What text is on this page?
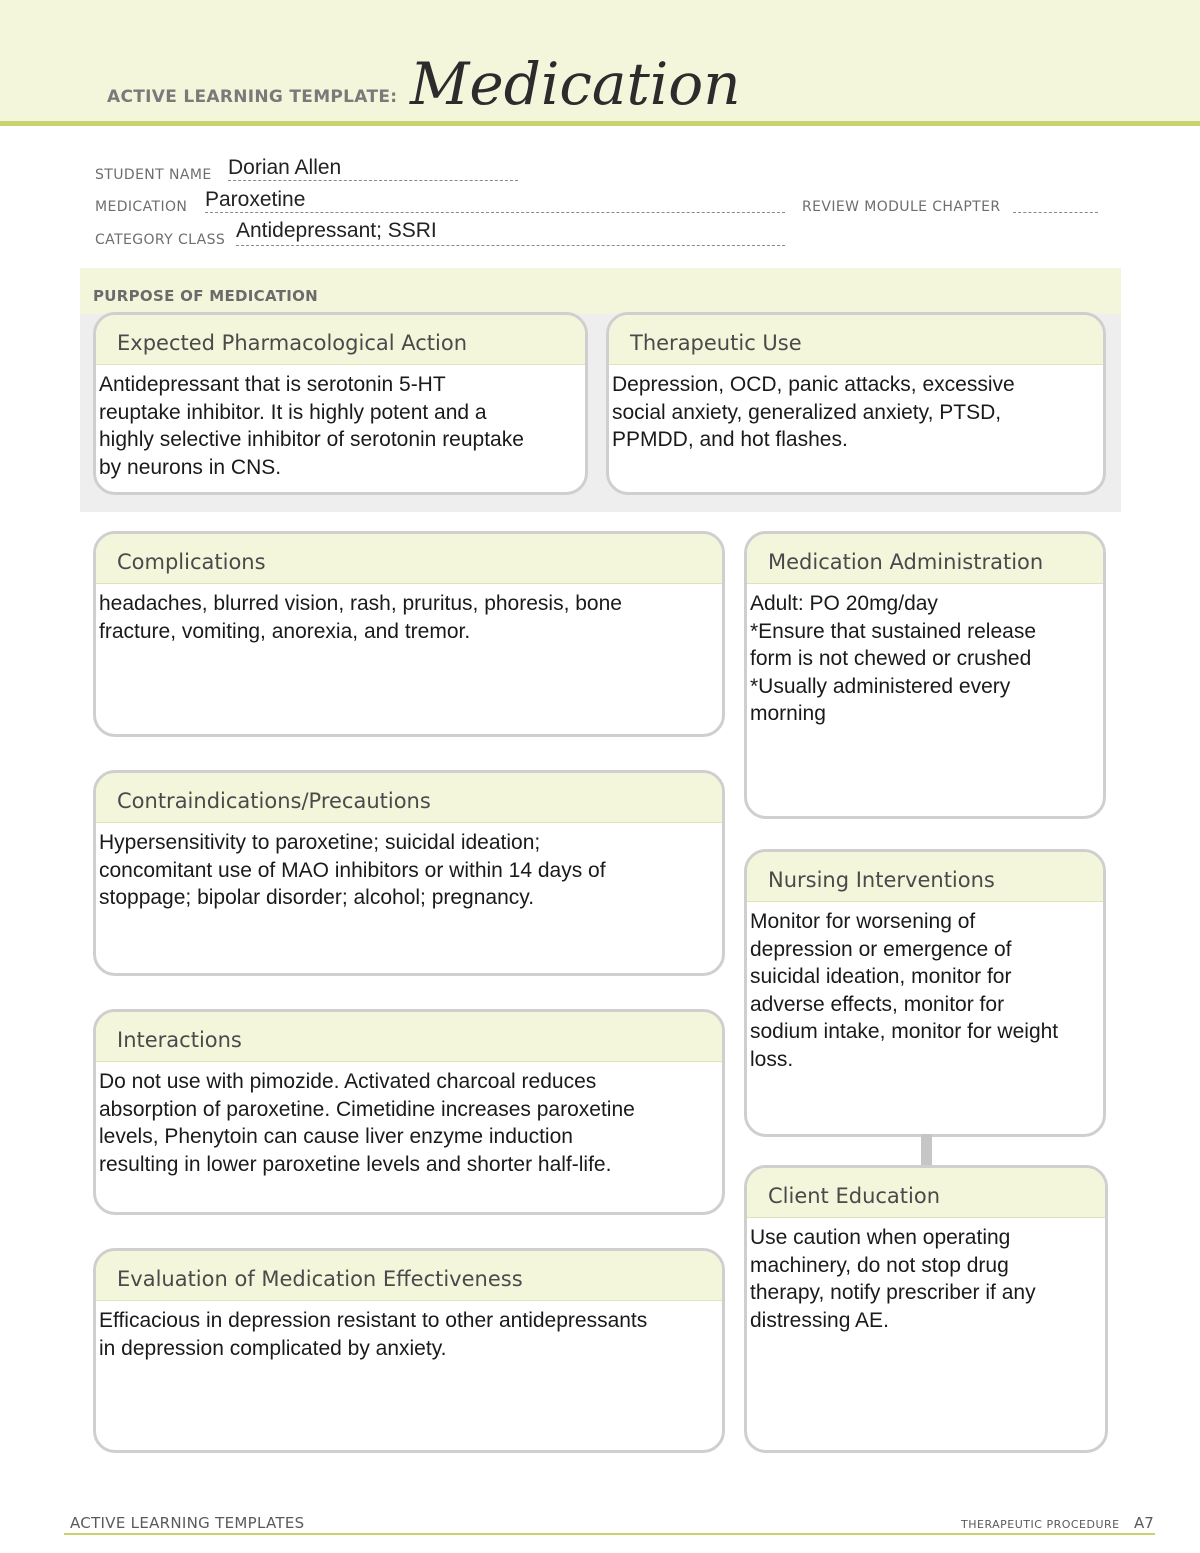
ACTIVE LEARNING TEMPLATE: Medication
STUDENT NAME Dorian Allen
MEDICATION Paroxetine	REVIEW MODULE CHAPTER
CATEGORY CLASS Antidepressant; SSRI
PURPOSE OF MEDICATION
Expected Pharmacological Action
Antidepressant that is serotonin 5-HT
reuptake inhibitor. It is highly potent and a
highly selective inhibitor of serotonin reuptake
by neurons in CNS.
Therapeutic Use
Depression, OCD, panic attacks, excessive
social anxiety, generalized anxiety, PTSD,
PPMDD, and hot flashes.
Complications
headaches, blurred vision, rash, pruritus, phoresis, bone
fracture, vomiting, anorexia, and tremor.
Contraindications/Precautions
Hypersensitivity to paroxetine; suicidal ideation;
concomitant use of MAO inhibitors or within 14 days of
stoppage; bipolar disorder; alcohol; pregnancy.
Interactions
Do not use with pimozide. Activated charcoal reduces
absorption of paroxetine. Cimetidine increases paroxetine
levels, Phenytoin can cause liver enzyme induction
resulting in lower paroxetine levels and shorter half-life.
Evaluation of Medication Effectiveness
Efficacious in depression resistant to other antidepressants
in depression complicated by anxiety.
Medication Administration
Adult: PO 20mg/day
*Ensure that sustained release
form is not chewed or crushed
*Usually administered every
morning
Nursing Interventions
Monitor for worsening of
depression or emergence of
suicidal ideation, monitor for
adverse effects, monitor for
sodium intake, monitor for weight
loss.
Client Education
Use caution when operating
machinery, do not stop drug
therapy, notify prescriber if any
distressing AE.
ACTIVE LEARNING TEMPLATES	THERAPEUTIC PROCEDURE A7
